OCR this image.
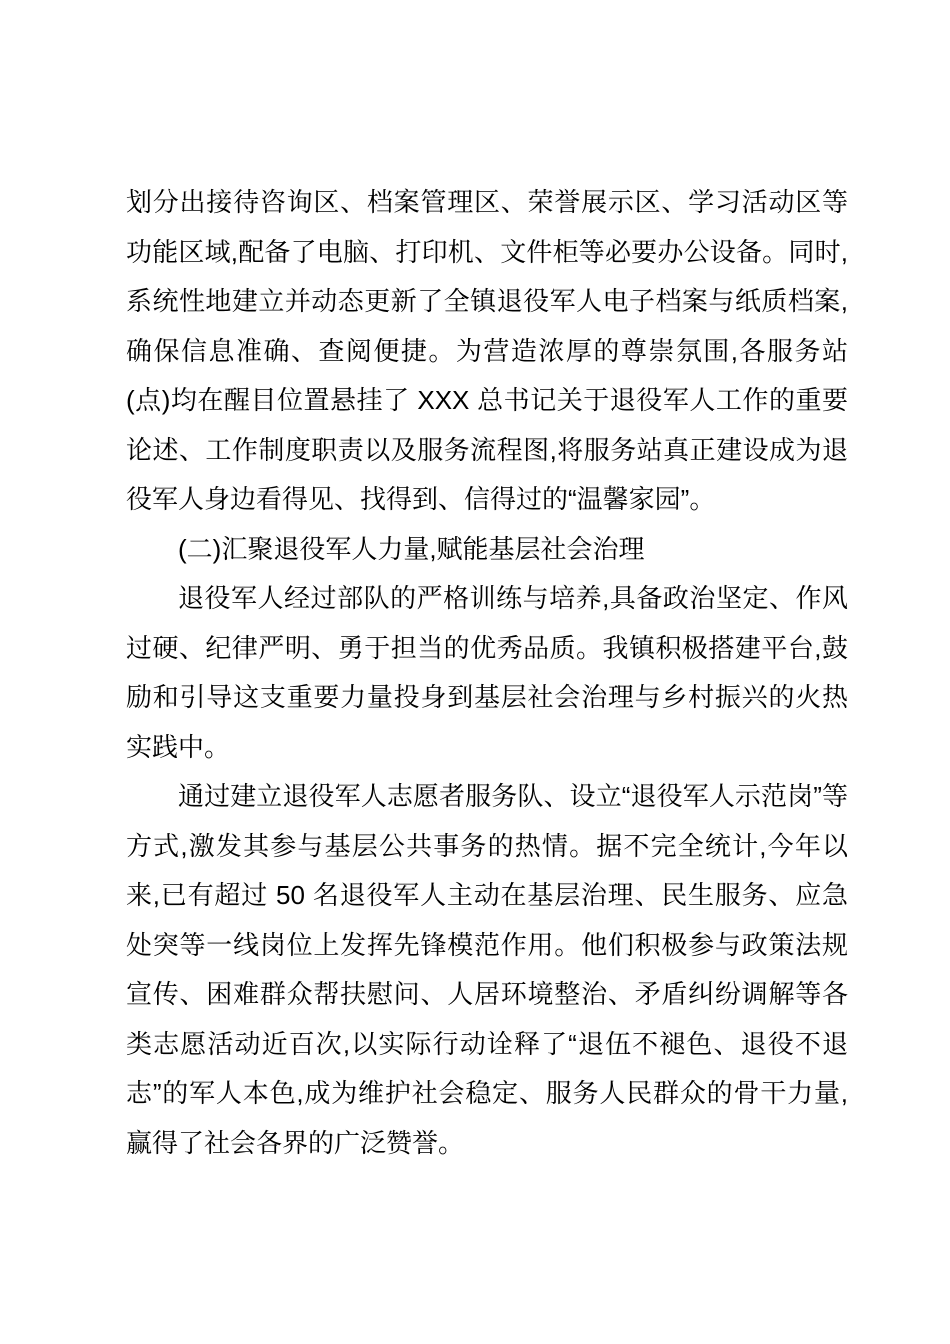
划分出接待咨询区、档案管理区、荣誉展示区、学习活动区等功能区域,配备了电脑、打印机、文件柜等必要办公设备。同时,系统性地建立并动态更新了全镇退役军人电子档案与纸质档案,确保信息准确、查阅便捷。为营造浓厚的尊崇氛围,各服务站(点)均在醒目位置悬挂了 XXX 总书记关于退役军人工作的重要论述、工作制度职责以及服务流程图,将服务站真正建设成为退役军人身边看得见、找得到、信得过的“温馨家园”。

(二)汇聚退役军人力量,赋能基层社会治理

退役军人经过部队的严格训练与培养,具备政治坚定、作风过硬、纪律严明、勇于担当的优秀品质。我镇积极搭建平台,鼓励和引导这支重要力量投身到基层社会治理与乡村振兴的火热实践中。

通过建立退役军人志愿者服务队、设立“退役军人示范岗”等方式,激发其参与基层公共事务的热情。据不完全统计,今年以来,已有超过 50 名退役军人主动在基层治理、民生服务、应急处突等一线岗位上发挥先锋模范作用。他们积极参与政策法规宣传、困难群众帮扶慰问、人居环境整治、矛盾纠纷调解等各类志愿活动近百次,以实际行动诠释了“退伍不褪色、退役不退志”的军人本色,成为维护社会稳定、服务人民群众的骨干力量,赢得了社会各界的广泛赞誉。
